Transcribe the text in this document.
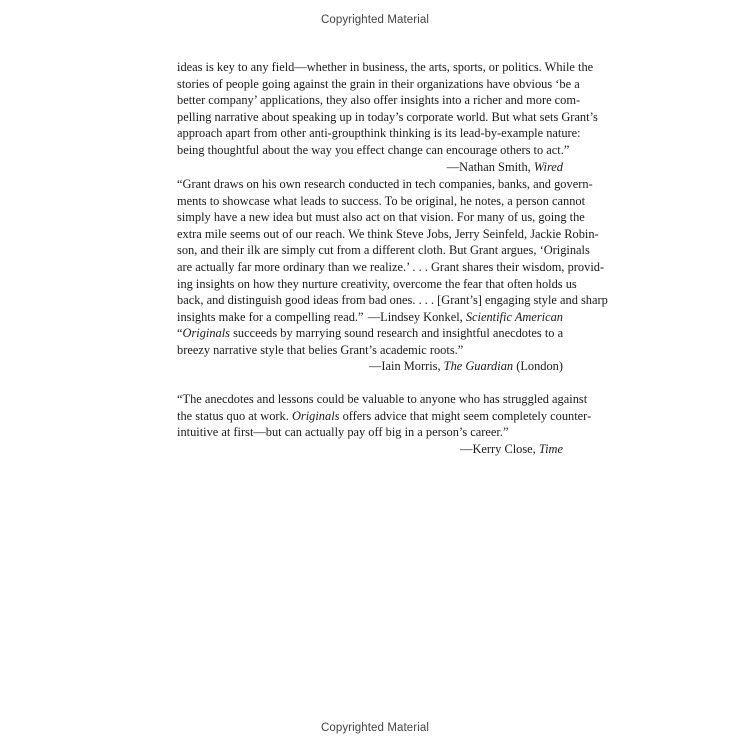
Copyrighted Material
ideas is key to any field—whether in business, the arts, sports, or politics. While the
stories of people going against the grain in their organizations have obvious ‘be a
better company’ applications, they also offer insights into a richer and more com-
pelling narrative about speaking up in today’s corporate world. But what sets Grant’s
approach apart from other anti-groupthink thinking is its lead-by-example nature:
being thoughtful about the way you effect change can encourage others to act.”
—Nathan Smith, Wired
“Grant draws on his own research conducted in tech companies, banks, and govern-
ments to showcase what leads to success. To be original, he notes, a person cannot
simply have a new idea but must also act on that vision. For many of us, going the
extra mile seems out of our reach. We think Steve Jobs, Jerry Seinfeld, Jackie Robin-
son, and their ilk are simply cut from a different cloth. But Grant argues, ‘Originals
are actually far more ordinary than we realize.’ . . . Grant shares their wisdom, provid-
ing insights on how they nurture creativity, overcome the fear that often holds us
back, and distinguish good ideas from bad ones. . . . [Grant’s] engaging style and sharp
insights make for a compelling read.” —Lindsey Konkel, Scientific American
“Originals succeeds by marrying sound research and insightful anecdotes to a
breezy narrative style that belies Grant’s academic roots.”
—Iain Morris, The Guardian (London)
“The anecdotes and lessons could be valuable to anyone who has struggled against
the status quo at work. Originals offers advice that might seem completely counter-
intuitive at first—but can actually pay off big in a person’s career.”
—Kerry Close, Time
Copyrighted Material
